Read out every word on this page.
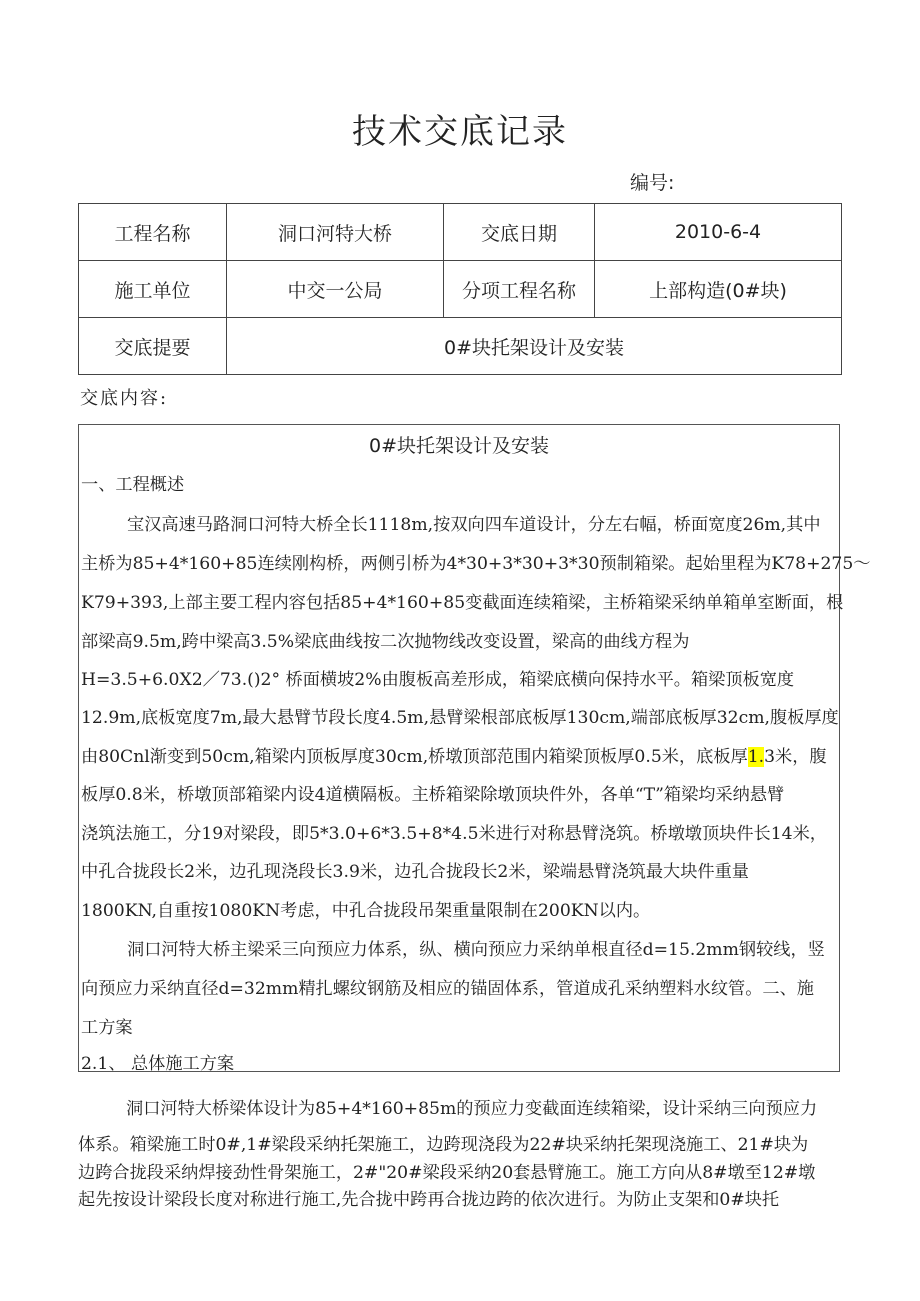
技术交底记录
编号:
工程名称	洞口河特大桥	交底日期	2010-6-4
施工单位	中交一公局	分项工程名称	上部构造(0#块)
交底提要	0#块托架设计及安装		
交底内容:
0#块托架设计及安装
一、工程概述
宝汉高速马路洞口河特大桥全长1118m,按双向四车道设计，分左右幅，桥面宽度26m,其中
主桥为85+4*160+85连续刚构桥，两侧引桥为4*30+3*30+3*30预制箱梁。起始里程为K78+275～
K79+393,上部主要工程内容包括85+4*160+85变截面连续箱梁，主桥箱梁采纳单箱单室断面，根
部梁高9.5m,跨中梁高3.5%梁底曲线按二次抛物线改变设置，梁高的曲线方程为
H=3.5+6.0X2／73.()2° 桥面横坡2%由腹板高差形成，箱梁底横向保持水平。箱梁顶板宽度
12.9m,底板宽度7m,最大悬臂节段长度4.5m,悬臂梁根部底板厚130cm,端部底板厚32cm,腹板厚度
由80Cnl渐变到50cm,箱梁内顶板厚度30cm,桥墩顶部范围内箱梁顶板厚0.5米，底板厚1.3米，腹
板厚0.8米，桥墩顶部箱梁内设4道横隔板。主桥箱梁除墩顶块件外，各单“T”箱梁均采纳悬臂
浇筑法施工，分19对梁段，即5*3.0+6*3.5+8*4.5米进行对称悬臂浇筑。桥墩墩顶块件长14米，
中孔合拢段长2米，边孔现浇段长3.9米，边孔合拢段长2米，梁端悬臂浇筑最大块件重量
1800KN,自重按1080KN考虑，中孔合拢段吊架重量限制在200KN以内。
洞口河特大桥主梁采三向预应力体系，纵、横向预应力采纳单根直径d=15.2mm钢较线，竖
向预应力采纳直径d=32mm精扎螺纹钢筋及相应的锚固体系，管道成孔采纳塑料水纹管。二、施
工方案
2.1、 总体施工方案
洞口河特大桥梁体设计为85+4*160+85m的预应力变截面连续箱梁，设计采纳三向预应力
体系。箱梁施工时0#,1#梁段采纳托架施工，边跨现浇段为22#块采纳托架现浇施工、21#块为
边跨合拢段采纳焊接劲性骨架施工，2#"20#梁段采纳20套悬臂施工。施工方向从8#墩至12#墩
起先按设计梁段长度对称进行施工,先合拢中跨再合拢边跨的依次进行。为防止支架和0#块托
